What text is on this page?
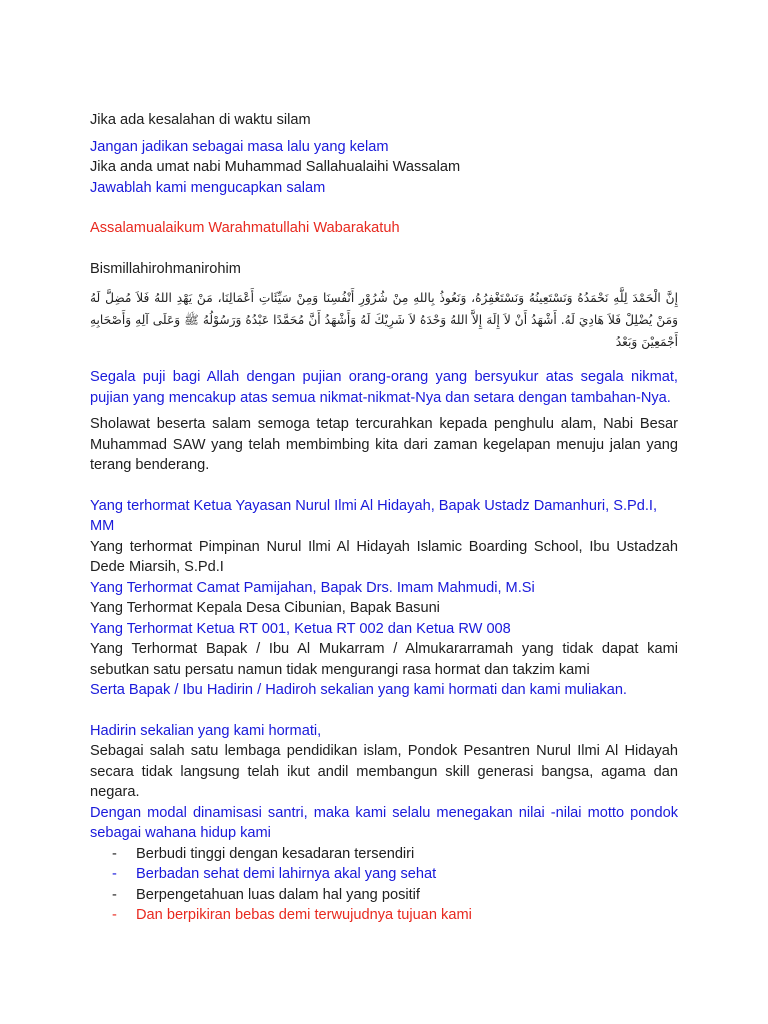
Jika ada kesalahan di waktu silam

Jangan jadikan sebagai masa lalu yang kelam

Jika anda umat nabi Muhammad Sallahualaihi Wassalam

Jawablah kami mengucapkan salam

Assalamualaikum Warahmatullahi Wabarakatuh

Bismillahirohmanirohim

إِنَّ الْحَمْدَ لِلَّهِ نَحْمَدُهُ وَنَسْتَعِينُهُ وَنَسْتَغْفِرُهُ، وَنَعُوذُ بِاللهِ مِنْ شُرُوْرِ أَنْفُسِنَا وَمِنْ سَيِّئَاتِ أَعْمَالِنَا، مَنْ يَهْدِ اللهُ فَلاَ مُضِلَّ لَهُ وَمَنْ يُضْلِلْ فَلاَ هَادِيَ لَهُ. أَشْهَدُ أَنْ لاَ إِلَهَ إِلاَّ اللهُ وَحْدَهُ لاَ شَرِيْكَ لَهُ وَأَشْهَدُ أَنَّ مُحَمَّدًا عَبْدُهُ وَرَسُوْلُهُ ﷺ وَعَلَى آلِهِ وَأَصْحَابِهِ أَجْمَعِيْنَ وَبَعْدُ

Segala puji bagi Allah dengan pujian orang-orang yang bersyukur atas segala nikmat, pujian yang mencakup atas semua nikmat-nikmat-Nya dan setara dengan tambahan-Nya.

Sholawat beserta salam semoga tetap tercurahkan kepada penghulu alam, Nabi Besar Muhammad SAW yang telah membimbing kita dari zaman kegelapan menuju jalan yang terang benderang.

Yang terhormat Ketua Yayasan Nurul Ilmi Al Hidayah, Bapak Ustadz Damanhuri, S.Pd.I, MM

Yang terhormat Pimpinan Nurul Ilmi Al Hidayah Islamic Boarding School, Ibu Ustadzah Dede Miarsih, S.Pd.I

Yang Terhormat Camat Pamijahan, Bapak Drs. Imam Mahmudi, M.Si

Yang Terhormat Kepala Desa Cibunian, Bapak Basuni

Yang Terhormat Ketua RT 001, Ketua RT 002 dan Ketua RW 008

Yang Terhormat Bapak / Ibu Al Mukarram / Almukararramah yang tidak dapat kami sebutkan satu persatu namun tidak mengurangi rasa hormat dan takzim kami

Serta Bapak / Ibu Hadirin / Hadiroh sekalian yang kami hormati dan kami muliakan.

Hadirin sekalian yang kami hormati,

Sebagai salah satu lembaga pendidikan islam, Pondok Pesantren Nurul Ilmi Al Hidayah secara tidak langsung telah ikut andil membangun skill generasi bangsa, agama dan negara.

Dengan modal dinamisasi santri, maka kami selalu menegakan nilai -nilai motto pondok sebagai wahana hidup kami

-	Berbudi tinggi dengan kesadaran tersendiri
-	Berbadan sehat demi lahirnya akal yang sehat
-	Berpengetahuan luas dalam hal yang positif
-	Dan berpikiran bebas demi terwujudnya tujuan kami
